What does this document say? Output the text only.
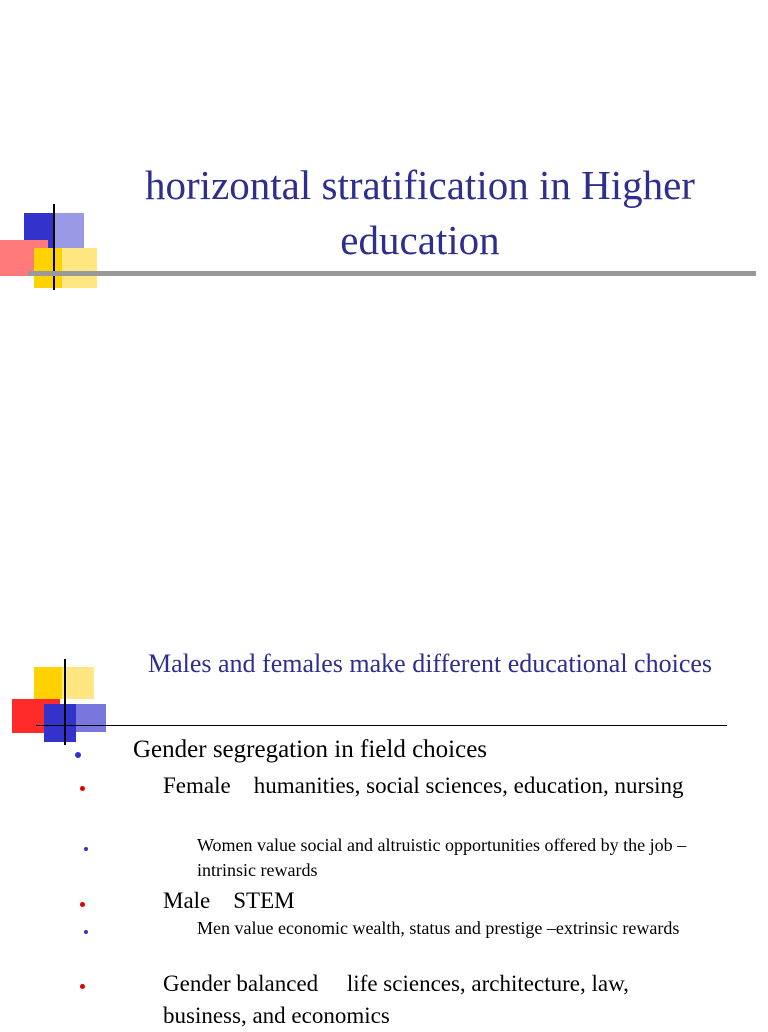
horizontal stratification in Higher education
Males and females make different educational choices
Gender segregation in field choices
Female    humanities, social sciences, education, nursing
Women value social and altruistic opportunities offered by the job –intrinsic rewards
Male    STEM
Men value economic wealth, status and prestige –extrinsic rewards
Gender balanced     life sciences, architecture, law, business, and economics
